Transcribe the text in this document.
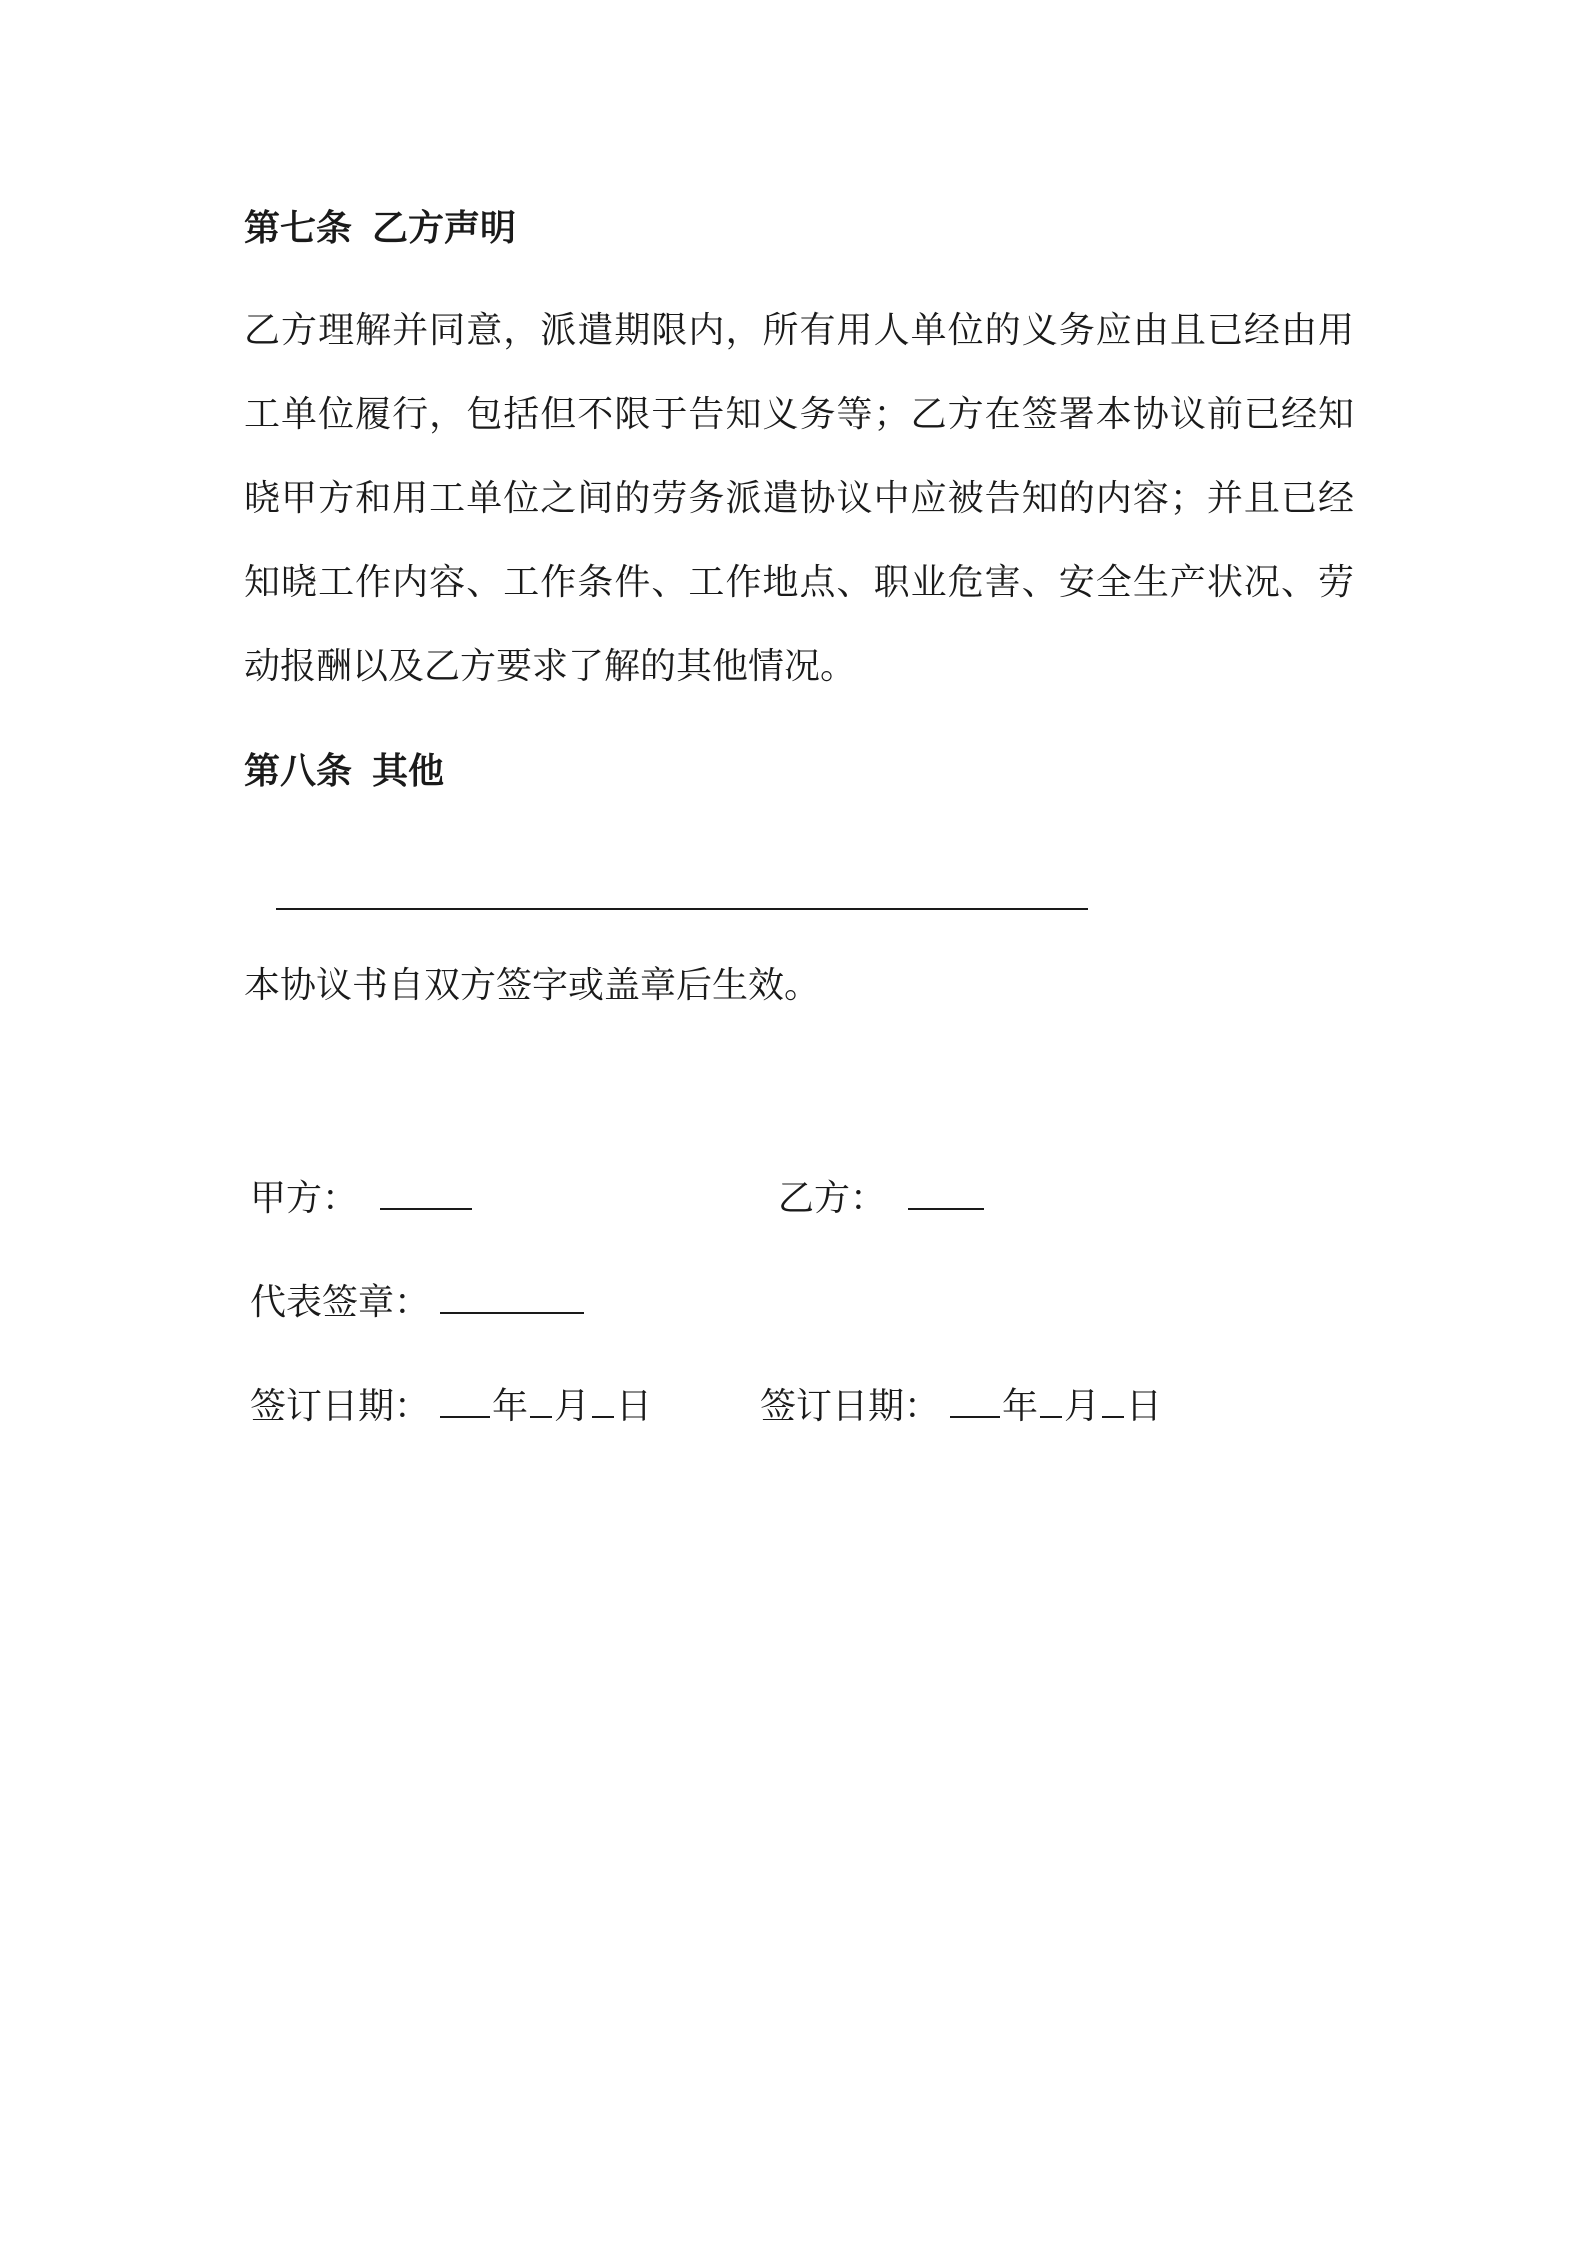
第七条 乙方声明
乙方理解并同意，派遣期限内，所有用人单位的义务应由且已经由用
工单位履行，包括但不限于告知义务等；乙方在签署本协议前已经知
晓甲方和用工单位之间的劳务派遣协议中应被告知的内容；并且已经
知晓工作内容、工作条件、工作地点、职业危害、安全生产状况、劳
动报酬以及乙方要求了解的其他情况。
第八条 其他
本协议书自双方签字或盖章后生效。
甲方：	乙方：
代表签章：
签订日期： 年 月 日	签订日期： 年 月 日
